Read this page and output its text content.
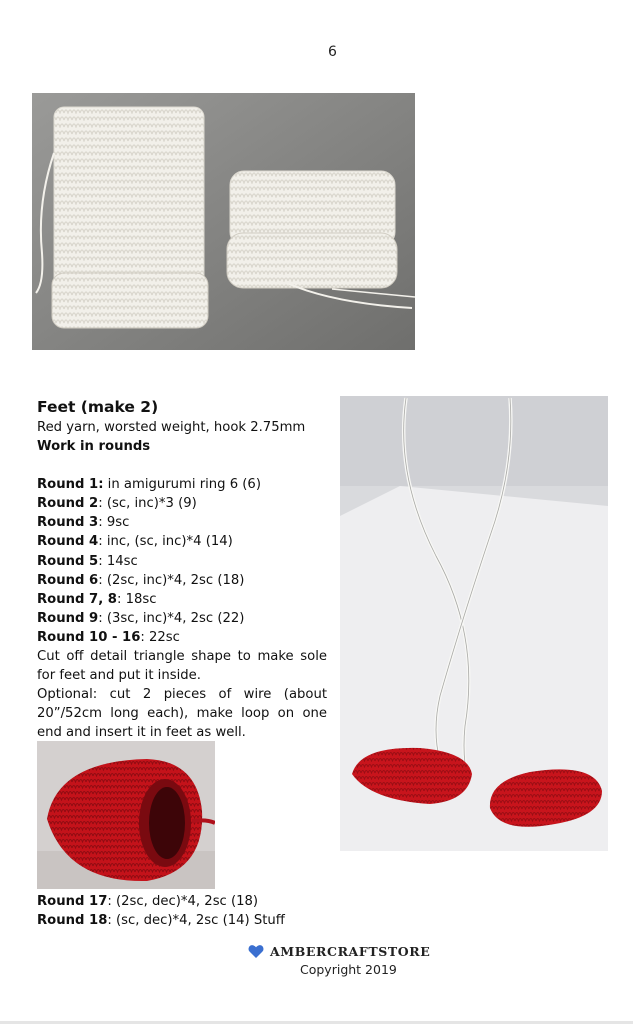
6
Feet (make 2)
Red yarn, worsted weight, hook 2.75mm
Work in rounds
Round 1: in amigurumi ring 6 (6)
Round 2: (sc, inc)*3 (9)
Round 3: 9sc
Round 4: inc, (sc, inc)*4 (14)
Round 5: 14sc
Round 6: (2sc, inc)*4, 2sc (18)
Round 7, 8: 18sc
Round 9: (3sc, inc)*4, 2sc (22)
Round 10 - 16: 22sc
Cut off detail triangle shape to make sole for feet and put it inside.
Optional: cut 2 pieces of wire (about 20”/52cm long each), make loop on one end and insert it in feet as well.
Round 17: (2sc, dec)*4, 2sc (18)
Round 18: (sc, dec)*4, 2sc (14) Stuff
AMBERCRAFTSTORE
Copyright 2019
